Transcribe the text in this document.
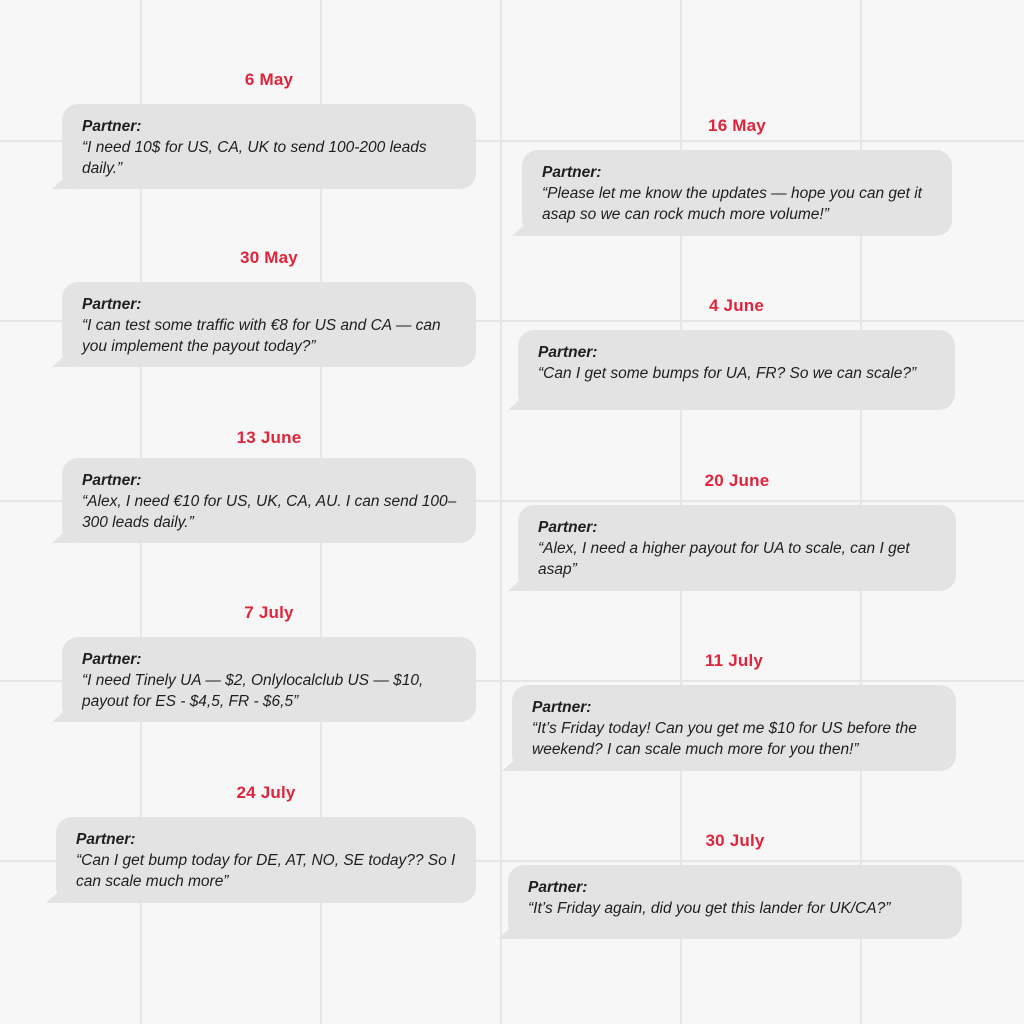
6 May
Partner:
“I need 10$ for US, CA, UK to send 100-200 leads daily.”
30 May
Partner:
“I can test some traffic with €8 for US and CA — can you implement the payout today?”
13 June
Partner:
“Alex, I need €10 for US, UK, CA, AU. I can send 100–300 leads daily.”
7 July
Partner:
“I need Tinely UA — $2, Onlylocalclub US — $10, payout for ES - $4,5, FR - $6,5”
24 July
Partner:
“Can I get bump today for DE, AT, NO, SE today?? So I can scale much more”
16 May
Partner:
“Please let me know the updates — hope you can get it asap so we can rock much more volume!”
4 June
Partner:
“Can I get some bumps for UA, FR? So we can scale?”
20 June
Partner:
“Alex, I need a higher payout for UA to scale, can I get asap”
11 July
Partner:
“It’s Friday today! Can you get me $10 for US before the weekend? I can scale much more for you then!”
30 July
Partner:
“It’s Friday again, did you get this lander for UK/CA?”
